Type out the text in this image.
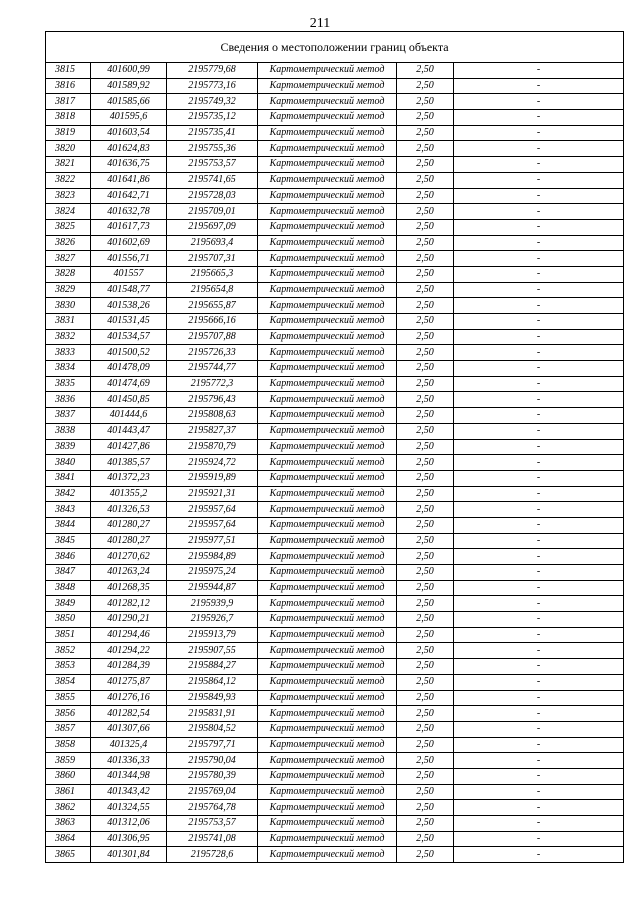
211
Сведения о местоположении границ объекта					
3815	401600,99	2195779,68	Картометрический метод	2,50	-
3816	401589,92	2195773,16	Картометрический метод	2,50	-
3817	401585,66	2195749,32	Картометрический метод	2,50	-
3818	401595,6	2195735,12	Картометрический метод	2,50	-
3819	401603,54	2195735,41	Картометрический метод	2,50	-
3820	401624,83	2195755,36	Картометрический метод	2,50	-
3821	401636,75	2195753,57	Картометрический метод	2,50	-
3822	401641,86	2195741,65	Картометрический метод	2,50	-
3823	401642,71	2195728,03	Картометрический метод	2,50	-
3824	401632,78	2195709,01	Картометрический метод	2,50	-
3825	401617,73	2195697,09	Картометрический метод	2,50	-
3826	401602,69	2195693,4	Картометрический метод	2,50	-
3827	401556,71	2195707,31	Картометрический метод	2,50	-
3828	401557	2195665,3	Картометрический метод	2,50	-
3829	401548,77	2195654,8	Картометрический метод	2,50	-
3830	401538,26	2195655,87	Картометрический метод	2,50	-
3831	401531,45	2195666,16	Картометрический метод	2,50	-
3832	401534,57	2195707,88	Картометрический метод	2,50	-
3833	401500,52	2195726,33	Картометрический метод	2,50	-
3834	401478,09	2195744,77	Картометрический метод	2,50	-
3835	401474,69	2195772,3	Картометрический метод	2,50	-
3836	401450,85	2195796,43	Картометрический метод	2,50	-
3837	401444,6	2195808,63	Картометрический метод	2,50	-
3838	401443,47	2195827,37	Картометрический метод	2,50	-
3839	401427,86	2195870,79	Картометрический метод	2,50	-
3840	401385,57	2195924,72	Картометрический метод	2,50	-
3841	401372,23	2195919,89	Картометрический метод	2,50	-
3842	401355,2	2195921,31	Картометрический метод	2,50	-
3843	401326,53	2195957,64	Картометрический метод	2,50	-
3844	401280,27	2195957,64	Картометрический метод	2,50	-
3845	401280,27	2195977,51	Картометрический метод	2,50	-
3846	401270,62	2195984,89	Картометрический метод	2,50	-
3847	401263,24	2195975,24	Картометрический метод	2,50	-
3848	401268,35	2195944,87	Картометрический метод	2,50	-
3849	401282,12	2195939,9	Картометрический метод	2,50	-
3850	401290,21	2195926,7	Картометрический метод	2,50	-
3851	401294,46	2195913,79	Картометрический метод	2,50	-
3852	401294,22	2195907,55	Картометрический метод	2,50	-
3853	401284,39	2195884,27	Картометрический метод	2,50	-
3854	401275,87	2195864,12	Картометрический метод	2,50	-
3855	401276,16	2195849,93	Картометрический метод	2,50	-
3856	401282,54	2195831,91	Картометрический метод	2,50	-
3857	401307,66	2195804,52	Картометрический метод	2,50	-
3858	401325,4	2195797,71	Картометрический метод	2,50	-
3859	401336,33	2195790,04	Картометрический метод	2,50	-
3860	401344,98	2195780,39	Картометрический метод	2,50	-
3861	401343,42	2195769,04	Картометрический метод	2,50	-
3862	401324,55	2195764,78	Картометрический метод	2,50	-
3863	401312,06	2195753,57	Картометрический метод	2,50	-
3864	401306,95	2195741,08	Картометрический метод	2,50	-
3865	401301,84	2195728,6	Картометрический метод	2,50	-
